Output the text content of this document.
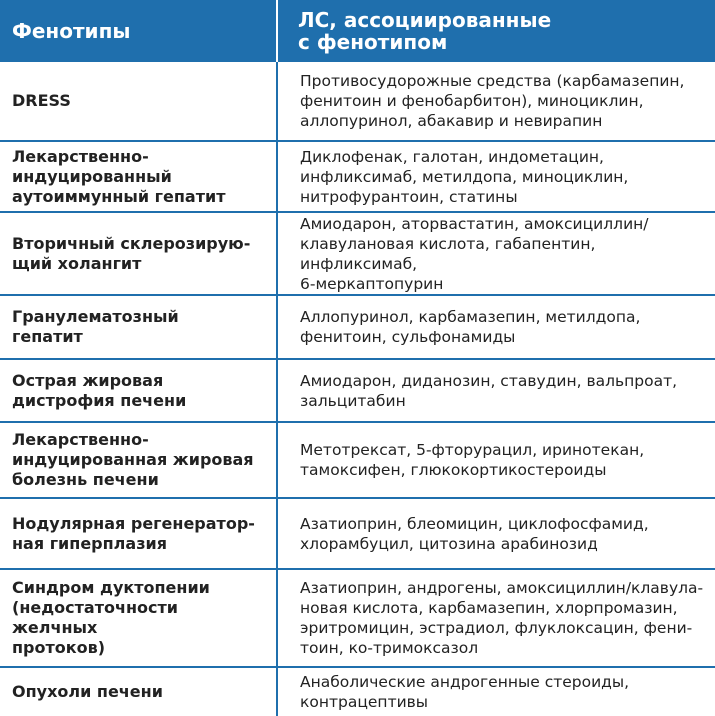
Фенотипы	ЛС, ассоциированные
с фенотипом
DRESS
Противосудорожные средства (карбамазепин,
фенитоин и фенобарбитон), миноциклин,
аллопуринол, абакавир и невирапин
Лекарственно-
индуцированный
аутоиммунный гепатит
Диклофенак, галотан, индометацин,
инфликсимаб, метилдопа, миноциклин,
нитрофурантоин, статины
Вторичный склерозирую-
щий холангит
Амиодарон, аторвастатин, амоксициллин/
клавулановая кислота, габапентин, инфликсимаб,
6-меркаптопурин
Гранулематозный
гепатит
Аллопуринол, карбамазепин, метилдопа,
фенитоин, сульфонамиды
Острая жировая
дистрофия печени
Амиодарон, диданозин, ставудин, вальпроат,
зальцитабин
Лекарственно-
индуцированная жировая
болезнь печени
Метотрексат, 5-фторурацил, иринотекан,
тамоксифен, глюкокортикостероиды
Нодулярная регенератор-
ная гиперплазия
Азатиоприн, блеомицин, циклофосфамид,
хлорамбуцил, цитозина арабинозид
Синдром дуктопении
(недостаточности желчных
протоков)
Азатиоприн, андрогены, амоксициллин/клавула-
новая кислота, карбамазепин, хлорпромазин,
эритромицин, эстрадиол, флуклоксацин, фени-
тоин, ко-тримоксазол
Опухоли печени	Анаболические андрогенные стероиды,
контрацептивы
